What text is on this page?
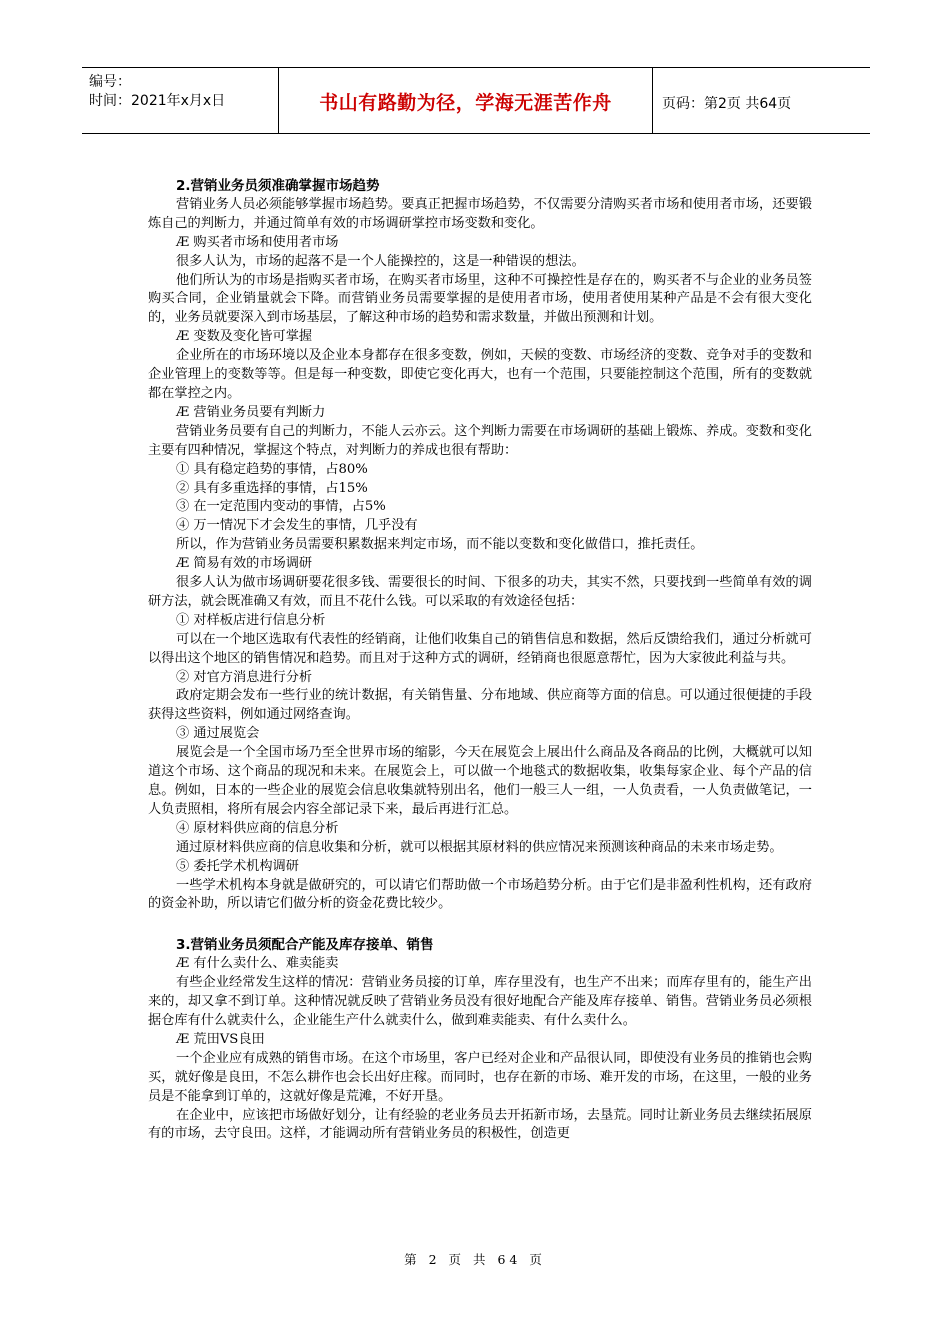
编号：
时间：2021年x月x日	书山有路勤为径，学海无涯苦作舟	页码：第2页 共64页

2.营销业务员须准确掌握市场趋势

营销业务人员必须能够掌握市场趋势。要真正把握市场趋势，不仅需要分清购买者市场和使用者市场，还要锻炼自己的判断力，并通过简单有效的市场调研掌控市场变数和变化。

Æ 购买者市场和使用者市场

很多人认为，市场的起落不是一个人能操控的，这是一种错误的想法。

他们所认为的市场是指购买者市场，在购买者市场里，这种不可操控性是存在的，购买者不与企业的业务员签购买合同，企业销量就会下降。而营销业务员需要掌握的是使用者市场，使用者使用某种产品是不会有很大变化的，业务员就要深入到市场基层，了解这种市场的趋势和需求数量，并做出预测和计划。

Æ 变数及变化皆可掌握

企业所在的市场环境以及企业本身都存在很多变数，例如，天候的变数、市场经济的变数、竞争对手的变数和企业管理上的变数等等。但是每一种变数，即使它变化再大，也有一个范围，只要能控制这个范围，所有的变数就都在掌控之内。

Æ 营销业务员要有判断力

营销业务员要有自己的判断力，不能人云亦云。这个判断力需要在市场调研的基础上锻炼、养成。变数和变化主要有四种情况，掌握这个特点，对判断力的养成也很有帮助：

① 具有稳定趋势的事情，占80%

② 具有多重选择的事情，占15%

③ 在一定范围内变动的事情，占5%

④ 万一情况下才会发生的事情，几乎没有

所以，作为营销业务员需要积累数据来判定市场，而不能以变数和变化做借口，推托责任。

Æ 简易有效的市场调研

很多人认为做市场调研要花很多钱、需要很长的时间、下很多的功夫，其实不然，只要找到一些简单有效的调研方法，就会既准确又有效，而且不花什么钱。可以采取的有效途径包括：

① 对样板店进行信息分析

可以在一个地区选取有代表性的经销商，让他们收集自己的销售信息和数据，然后反馈给我们，通过分析就可以得出这个地区的销售情况和趋势。而且对于这种方式的调研，经销商也很愿意帮忙，因为大家彼此利益与共。

② 对官方消息进行分析

政府定期会发布一些行业的统计数据，有关销售量、分布地域、供应商等方面的信息。可以通过很便捷的手段获得这些资料，例如通过网络查询。

③ 通过展览会

展览会是一个全国市场乃至全世界市场的缩影，今天在展览会上展出什么商品及各商品的比例，大概就可以知道这个市场、这个商品的现况和未来。在展览会上，可以做一个地毯式的数据收集，收集每家企业、每个产品的信息。例如，日本的一些企业的展览会信息收集就特别出名，他们一般三人一组，一人负责看，一人负责做笔记，一人负责照相，将所有展会内容全部记录下来，最后再进行汇总。

④ 原材料供应商的信息分析

通过原材料供应商的信息收集和分析，就可以根据其原材料的供应情况来预测该种商品的未来市场走势。

⑤ 委托学术机构调研

一些学术机构本身就是做研究的，可以请它们帮助做一个市场趋势分析。由于它们是非盈利性机构，还有政府的资金补助，所以请它们做分析的资金花费比较少。

3.营销业务员须配合产能及库存接单、销售

Æ 有什么卖什么、难卖能卖

有些企业经常发生这样的情况：营销业务员接的订单，库存里没有，也生产不出来；而库存里有的，能生产出来的，却又拿不到订单。这种情况就反映了营销业务员没有很好地配合产能及库存接单、销售。营销业务员必须根据仓库有什么就卖什么，企业能生产什么就卖什么，做到难卖能卖、有什么卖什么。

Æ 荒田VS良田

一个企业应有成熟的销售市场。在这个市场里，客户已经对企业和产品很认同，即使没有业务员的推销也会购买，就好像是良田，不怎么耕作也会长出好庄稼。而同时，也存在新的市场、难开发的市场，在这里，一般的业务员是不能拿到订单的，这就好像是荒滩，不好开垦。

在企业中，应该把市场做好划分，让有经验的老业务员去开拓新市场，去垦荒。同时让新业务员去继续拓展原有的市场，去守良田。这样，才能调动所有营销业务员的积极性，创造更

第 2 页 共 64 页
